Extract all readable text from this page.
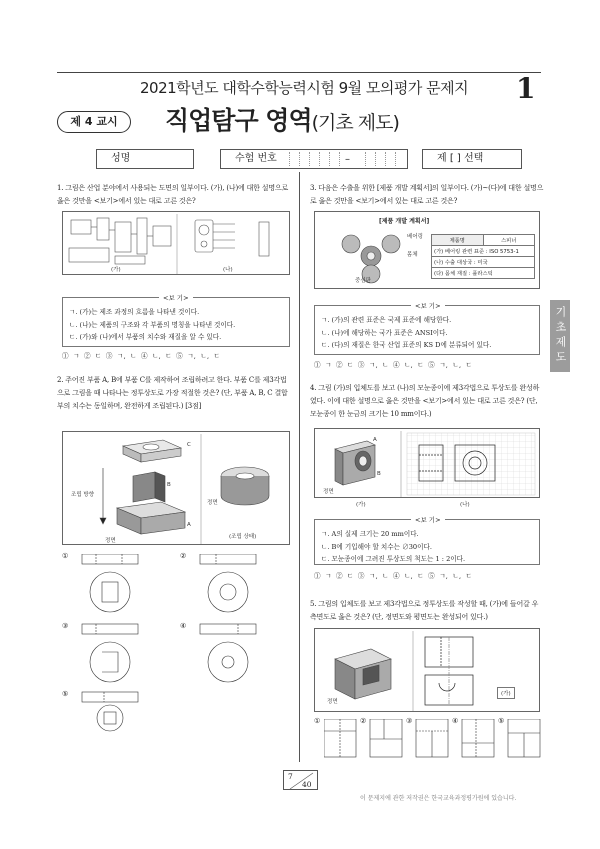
2021학년도 대학수학능력시험 9월 모의평가 문제지 1
제 4 교시	직업탐구 영역(기초 제도)
성명	수험 번호	–	제 [ ] 선택
기초제도
1. 그림은 산업 분야에서 사용되는 도면의 일부이다. (가), (나)에 대한 설명으로 옳은 것만을 <보기>에서 있는 대로 고른 것은?
(가)	(나)
<보 기>
ㄱ. (가)는 제조 과정의 흐름을 나타낸 것이다.
ㄴ. (나)는 제품의 구조와 각 부품의 명칭을 나타낸 것이다.
ㄷ. (가)와 (나)에서 부품의 치수와 재질을 알 수 있다.
① ㄱ ② ㄷ ③ ㄱ, ㄴ ④ ㄴ, ㄷ ⑤ ㄱ, ㄴ, ㄷ
2. 주어진 부품 A, B에 부품 C를 제작하여 조립하려고 한다. 부품 C를 제3각법으로 그림을 때 나타나는 정투상도로 가장 적절한 것은? (단, 부품 A, B, C 결합부의 치수는 동일하며, 완전하게 조립된다.) [3점]
C
B
A
조립 방향
정면
정면
(조립 상태)
①	②
③	④
⑤
3. 다음은 수출을 위한 [제품 개발 계획서]의 일부이다. (가)~(다)에 대한 설명으로 옳은 것만을 <보기>에서 있는 대로 고른 것은?
[제품 개발 계획서]
베어링
몸체
중심판
제품명	스피너
(가) 베어링 관련 표준 : ISO 5753-1
(나) 수출 대상국 : 미국
(다) 몸체 재질 : 플라스틱
<보 기>
ㄱ. (가)의 관련 표준은 국제 표준에 해당한다.
ㄴ. (나)에 해당하는 국가 표준은 ANSI이다.
ㄷ. (다)의 재질은 한국 산업 표준의 KS D에 분류되어 있다.
① ㄱ ② ㄷ ③ ㄱ, ㄴ ④ ㄴ, ㄷ ⑤ ㄱ, ㄴ, ㄷ
4. 그림 (가)의 입체도를 보고 (나)의 모눈종이에 제3각법으로 투상도를 완성하였다. 이에 대한 설명으로 옳은 것만을 <보기>에서 있는 대로 고른 것은? (단, 모눈종이 한 눈금의 크기는 10 mm이다.)
A
B
정면
(가)	(나)
<보 기>
ㄱ. A의 실제 크기는 20 mm이다.
ㄴ. B에 기입해야 할 치수는 ∅30이다.
ㄷ. 모눈종이에 그려진 투상도의 척도는 1 : 2이다.
① ㄱ ② ㄷ ③ ㄱ, ㄴ ④ ㄴ, ㄷ ⑤ ㄱ, ㄴ, ㄷ
5. 그림의 입체도를 보고 제3각법으로 정투상도를 작성할 때, (가)에 들어갈 우측면도로 옳은 것은? (단, 정면도와 평면도는 완성되어 있다.)
정면
(가)
①	②	③	④	⑤
7
40
이 문제지에 관한 저작권은 한국교육과정평가원에 있습니다.
